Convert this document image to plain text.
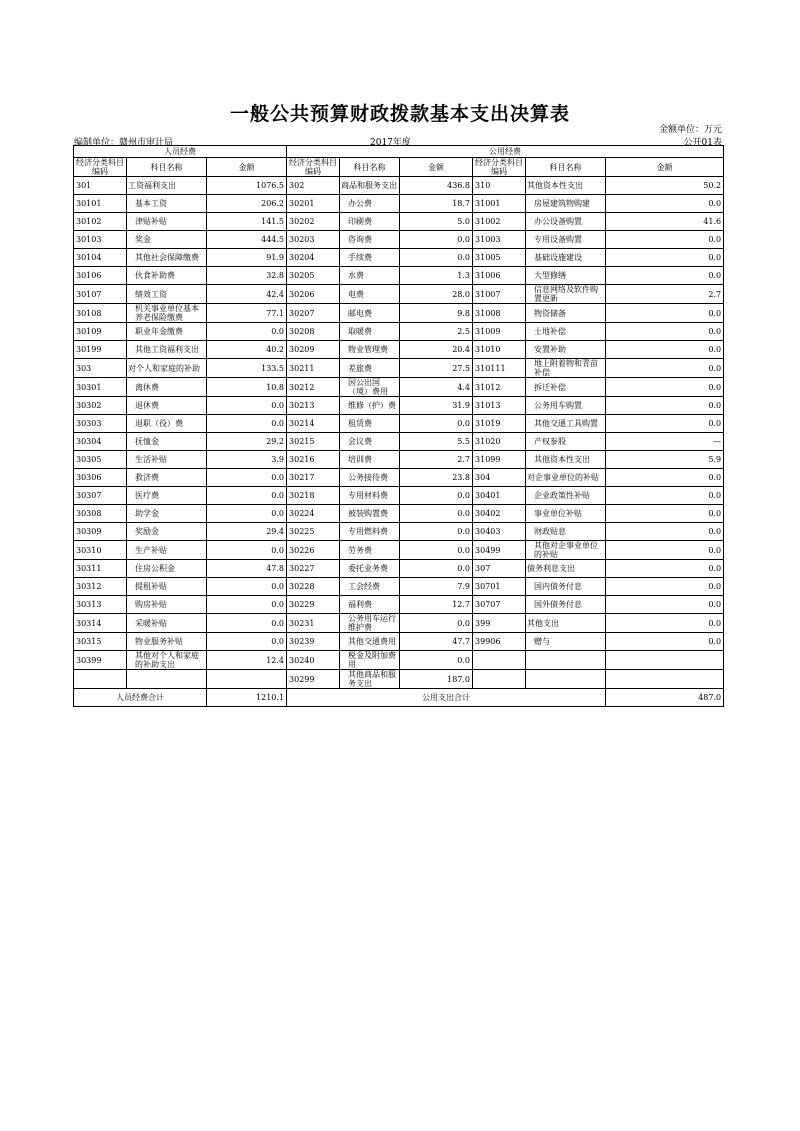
一般公共预算财政拨款基本支出决算表
金额单位：万元
编制单位：赣州市审计局	2017年度	公开01表
人员经费			公用经费					
经济分类科目编码	科目名称	金额	经济分类科目编码	科目名称	金额	经济分类科目编码	科目名称	金额
301	工资福利支出	1076.5	302	商品和服务支出	436.8	310	其他资本性支出	50.2
30101	基本工资	206.2	30201	办公费	18.7	31001	房屋建筑物购建	0.0
30102	津贴补贴	141.5	30202	印刷费	5.0	31002	办公设备购置	41.6
30103	奖金	444.5	30203	咨询费	0.0	31003	专用设备购置	0.0
30104	其他社会保障缴费	91.9	30204	手续费	0.0	31005	基础设施建设	0.0
30106	伙食补助费	32.8	30205	水费	1.3	31006	大型修缮	0.0
30107	绩效工资	42.4	30206	电费	28.0	31007	信息网络及软件购置更新	2.7
30108	机关事业单位基本养老保险缴费	77.1	30207	邮电费	9.8	31008	物资储备	0.0
30109	职业年金缴费	0.0	30208	取暖费	2.5	31009	土地补偿	0.0
30199	其他工资福利支出	40.2	30209	物业管理费	20.4	31010	安置补助	0.0
303	对个人和家庭的补助	133.5	30211	差旅费	27.5	310111	地上附着物和青苗补偿	0.0
30301	离休费	10.8	30212	因公出国（境）费用	4.4	31012	拆迁补偿	0.0
30302	退休费	0.0	30213	维修（护）费	31.9	31013	公务用车购置	0.0
30303	退职（役）费	0.0	30214	租赁费	0.0	31019	其他交通工具购置	0.0
30304	抚恤金	29.2	30215	会议费	5.5	31020	产权参股	—
30305	生活补贴	3.9	30216	培训费	2.7	31099	其他资本性支出	5.9
30306	救济费	0.0	30217	公务接待费	23.8	304	对企事业单位的补贴	0.0
30307	医疗费	0.0	30218	专用材料费	0.0	30401	企业政策性补贴	0.0
30308	助学金	0.0	30224	被装购置费	0.0	30402	事业单位补贴	0.0
30309	奖励金	29.4	30225	专用燃料费	0.0	30403	财政贴息	0.0
30310	生产补贴	0.0	30226	劳务费	0.0	30499	其他对企事业单位的补贴	0.0
30311	住房公积金	47.8	30227	委托业务费	0.0	307	债务利息支出	0.0
30312	提租补贴	0.0	30228	工会经费	7.9	30701	国内债务付息	0.0
30313	购房补贴	0.0	30229	福利费	12.7	30707	国外债务付息	0.0
30314	采暖补贴	0.0	30231	公务用车运行维护费	0.0	399	其他支出	0.0
30315	物业服务补贴	0.0	30239	其他交通费用	47.7	39906	赠与	0.0
30399	其他对个人和家庭的补助支出	12.4	30240	税金及附加费用	0.0			
			30299	其他商品和服务支出	187.0			
人员经费合计		1210.1	公用支出合计					487.0
